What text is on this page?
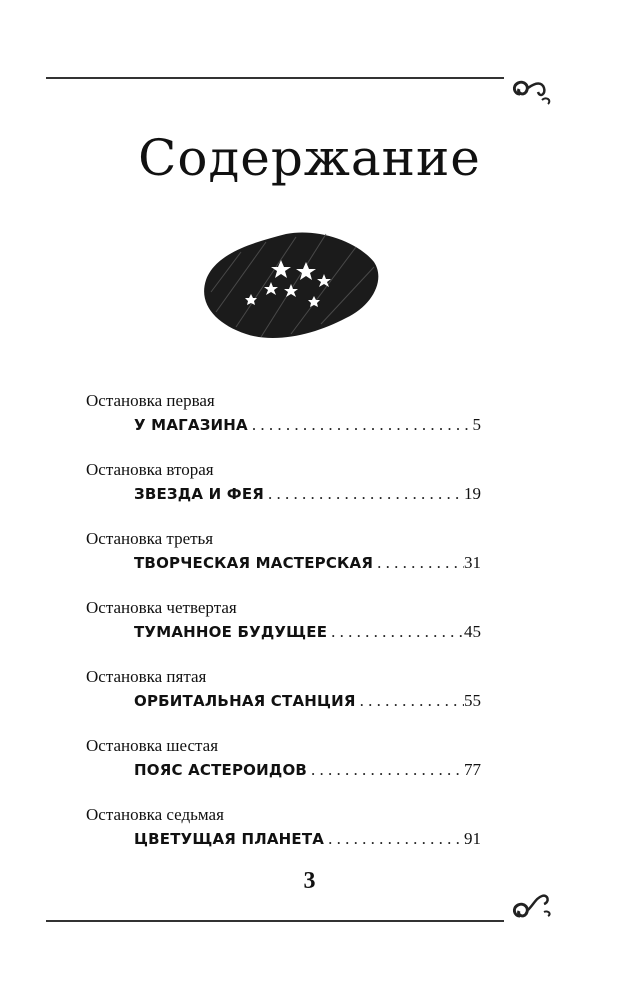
Содержание
Остановка первая
У МАГАЗИНА . . .	5
Остановка вторая
ЗВЕЗДА И ФЕЯ . . .	19
Остановка третья
ТВОРЧЕСКАЯ МАСТЕРСКАЯ . . .	31
Остановка четвертая
ТУМАННОЕ БУДУЩЕЕ . . .	45
Остановка пятая
ОРБИТАЛЬНАЯ СТАНЦИЯ . . .	55
Остановка шестая
ПОЯС АСТЕРОИДОВ . . .	77
Остановка седьмая
ЦВЕТУЩАЯ ПЛАНЕТА . . .	91
3
